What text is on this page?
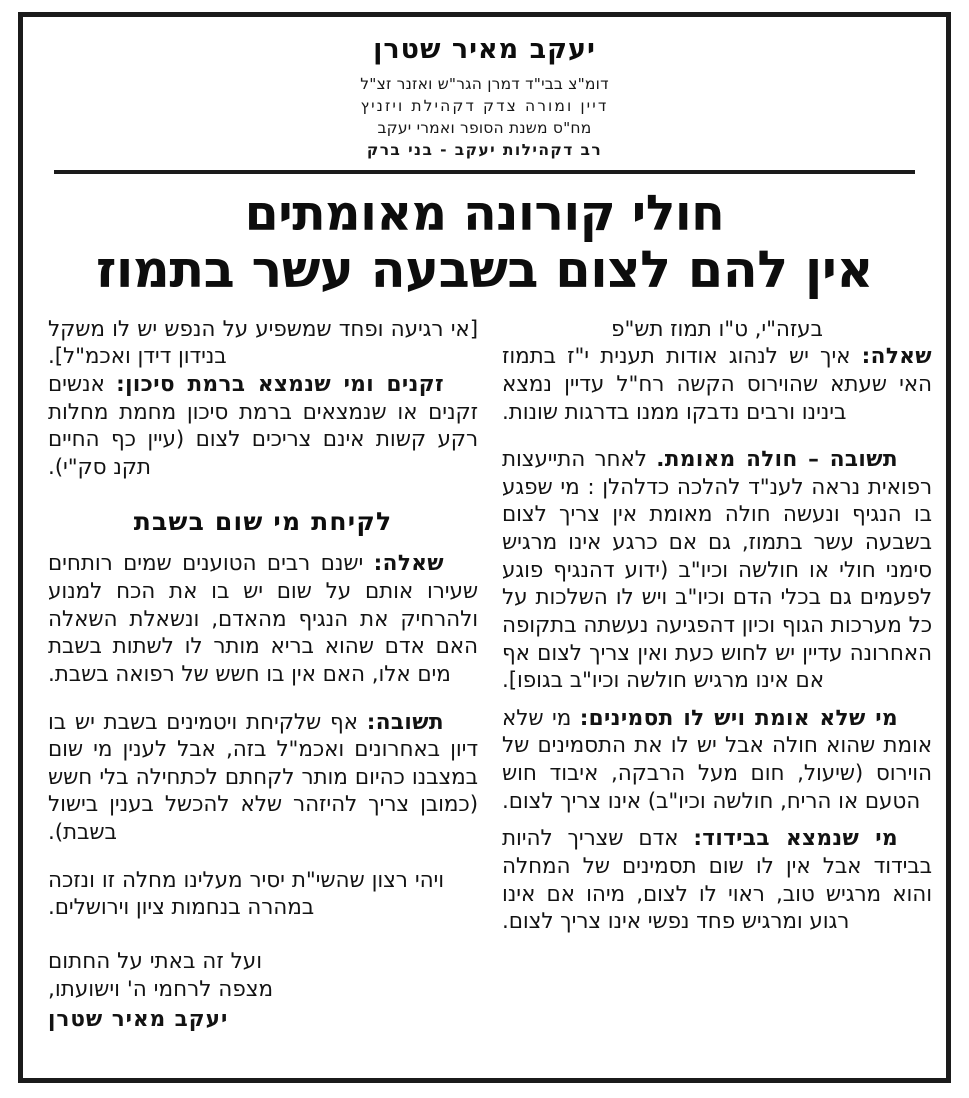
יעקב מאיר שטרן
דומ"צ בבי"ד דמרן הגר"ש ואזנר זצ"ל
דיין ומורה צדק דקהילת ויזניץ
מח"ס משנת הסופר ואמרי יעקב
רב דקהילות יעקב - בני ברק
חולי קורונה מאומתים
אין להם לצום בשבעה עשר בתמוז

בעזה"י, ט"ו תמוז תש"פ

שאלה: איך יש לנהוג אודות תענית י"ז בתמוז האי שעתא שהוירוס הקשה רח"ל עדיין נמצא בינינו ורבים נדבקו ממנו בדרגות שונות.

תשובה – חולה מאומת. לאחר התייעצות רפואית נראה לענ"ד להלכה כדלהלן : מי שפגע בו הנגיף ונעשה חולה מאומת אין צריך לצום בשבעה עשר בתמוז, גם אם כרגע אינו מרגיש סימני חולי או חולשה וכיו"ב (ידוע דהנגיף פוגע לפעמים גם בכלי הדם וכיו"ב ויש לו השלכות על כל מערכות הגוף וכיון דהפגיעה נעשתה בתקופה האחרונה עדיין יש לחוש כעת ואין צריך לצום אף אם אינו מרגיש חולשה וכיו"ב בגופו].

מי שלא אומת ויש לו תסמינים: מי שלא אומת שהוא חולה אבל יש לו את התסמינים של הוירוס (שיעול, חום מעל הרבקה, איבוד חוש הטעם או הריח, חולשה וכיו"ב) אינו צריך לצום.

מי שנמצא בבידוד: אדם שצריך להיות בבידוד אבל אין לו שום תסמינים של המחלה והוא מרגיש טוב, ראוי לו לצום, מיהו אם אינו רגוע ומרגיש פחד נפשי אינו צריך לצום.

[אי רגיעה ופחד שמשפיע על הנפש יש לו משקל בנידון דידן ואכמ"ל].

זקנים ומי שנמצא ברמת סיכון: אנשים זקנים או שנמצאים ברמת סיכון מחמת מחלות רקע קשות אינם צריכים לצום (עיין כף החיים תקנ סק"י).

לקיחת מי שום בשבת

שאלה: ישנם רבים הטוענים שמים רותחים שעירו אותם על שום יש בו את הכח למנוע ולהרחיק את הנגיף מהאדם, ונשאלת השאלה האם אדם שהוא בריא מותר לו לשתות בשבת מים אלו, האם אין בו חשש של רפואה בשבת.

תשובה: אף שלקיחת ויטמינים בשבת יש בו דיון באחרונים ואכמ"ל בזה, אבל לענין מי שום במצבנו כהיום מותר לקחתם לכתחילה בלי חשש (כמובן צריך להיזהר שלא להכשל בענין בישול בשבת).

ויהי רצון שהשי"ת יסיר מעלינו מחלה זו ונזכה במהרה בנחמות ציון וירושלים.

ועל זה באתי על החתום
מצפה לרחמי ה' וישועתו,
יעקב מאיר שטרן
